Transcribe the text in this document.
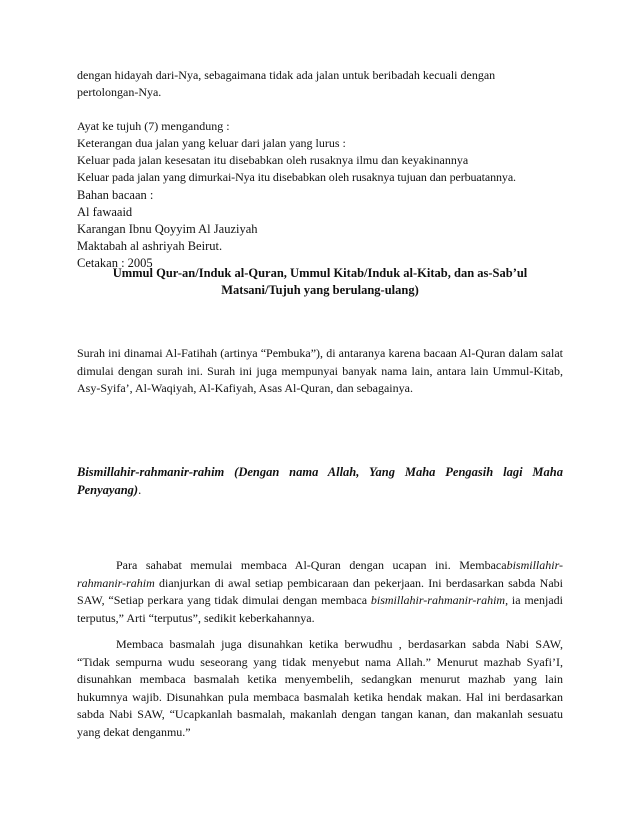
dengan hidayah dari-Nya, sebagaimana tidak ada jalan untuk beribadah kecuali dengan
pertolongan-Nya.
Ayat ke tujuh (7) mengandung :
Keterangan dua jalan yang keluar dari jalan yang lurus :
Keluar pada jalan kesesatan itu disebabkan oleh rusaknya ilmu dan keyakinannya
Keluar pada jalan yang dimurkai-Nya itu disebabkan oleh rusaknya tujuan dan perbuatannya.
Bahan bacaan :
Al fawaaid
Karangan Ibnu Qoyyim Al Jauziyah
Maktabah al ashriyah Beirut.
Cetakan : 2005
Ummul Qur-an/Induk al-Quran, Ummul Kitab/Induk al-Kitab, dan as-Sab’ul
Matsani/Tujuh yang berulang-ulang)

Surah ini dinamai Al-Fatihah (artinya “Pembuka”), di antaranya karena bacaan Al-Quran dalam salat dimulai dengan surah ini. Surah ini juga mempunyai banyak nama lain, antara lain Ummul-Kitab, Asy-Syifa’, Al-Waqiyah, Al-Kafiyah, Asas Al-Quran, dan sebagainya.

Bismillahir-rahmanir-rahim (Dengan nama Allah, Yang Maha Pengasih lagi Maha Penyayang).

Para sahabat memulai membaca Al-Quran dengan ucapan ini. Membacabismillahir-rahmanir-rahim dianjurkan di awal setiap pembicaraan dan pekerjaan. Ini berdasarkan sabda Nabi SAW, “Setiap perkara yang tidak dimulai dengan membaca bismillahir-rahmanir-rahim, ia menjadi terputus,” Arti “terputus”, sedikit keberkahannya.

Membaca basmalah juga disunahkan ketika berwudhu , berdasarkan sabda Nabi SAW, “Tidak sempurna wudu seseorang yang tidak menyebut nama Allah.” Menurut mazhab Syafi’I, disunahkan membaca basmalah ketika menyembelih, sedangkan menurut mazhab yang lain hukumnya wajib. Disunahkan pula membaca basmalah ketika hendak makan. Hal ini berdasarkan sabda Nabi SAW, “Ucapkanlah basmalah, makanlah dengan tangan kanan, dan makanlah sesuatu yang dekat denganmu.”
